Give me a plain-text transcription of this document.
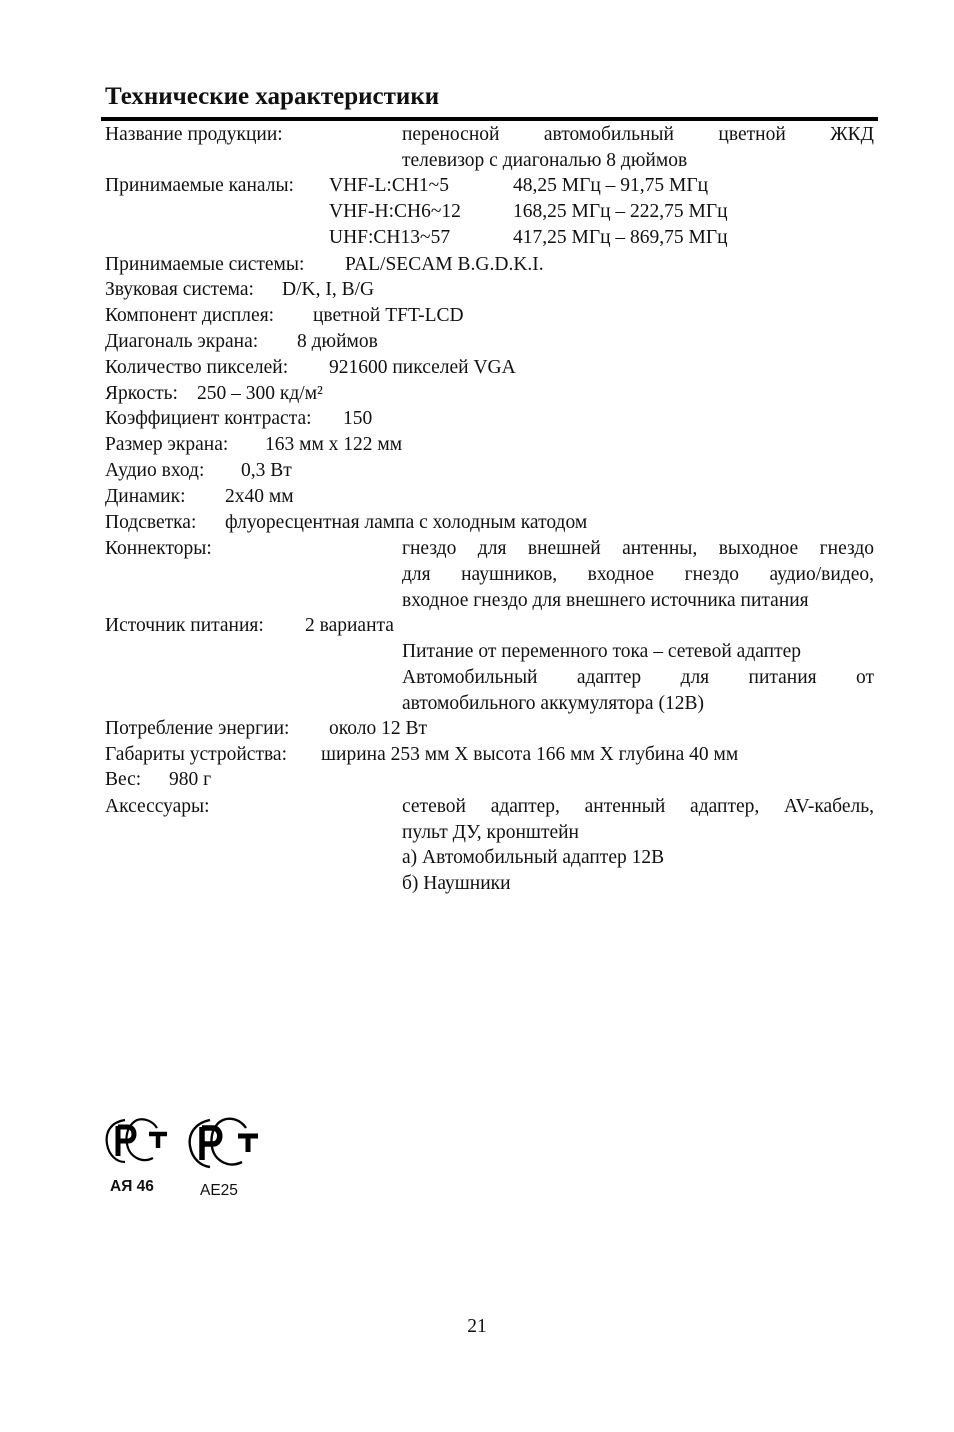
Технические характеристики
Название продукции:	переносной автомобильный цветной ЖКД
телевизор с диагональю 8 дюймов
Принимаемые каналы: VHF-L:CH1~5	48,25 МГц – 91,75 МГц
VHF-H:CH6~12	168,25 МГц – 222,75 МГц
UHF:CH13~57	417,25 МГц – 869,75 МГц
Принимаемые системы: PAL/SECAM B.G.D.K.I.
Звуковая система: D/K, I, B/G
Компонент дисплея: цветной TFT-LCD
Диагональ экрана: 8 дюймов
Количество пикселей: 921600 пикселей VGA
Яркость: 250 – 300 кд/м²
Коэффициент контраста: 150
Размер экрана: 163 мм x 122 мм
Аудио вход: 0,3 Вт
Динамик: 2x40 мм
Подсветка: флуоресцентная лампа с холодным катодом
Коннекторы:	гнездо для внешней антенны, выходное гнездо
для наушников, входное гнездо аудио/видео,
входное гнездо для внешнего источника питания
Источник питания: 2 варианта
Питание от переменного тока – сетевой адаптер
Автомобильный адаптер для питания от
автомобильного аккумулятора (12В)
Потребление энергии: около 12 Вт
Габариты устройства: ширина 253 мм X высота 166 мм X глубина 40 мм
Вес: 980 г
Аксессуары:	сетевой адаптер, антенный адаптер, AV-кабель,
пульт ДУ, кронштейн
а) Автомобильный адаптер 12В
б) Наушники
АЯ 46	AE25
21
